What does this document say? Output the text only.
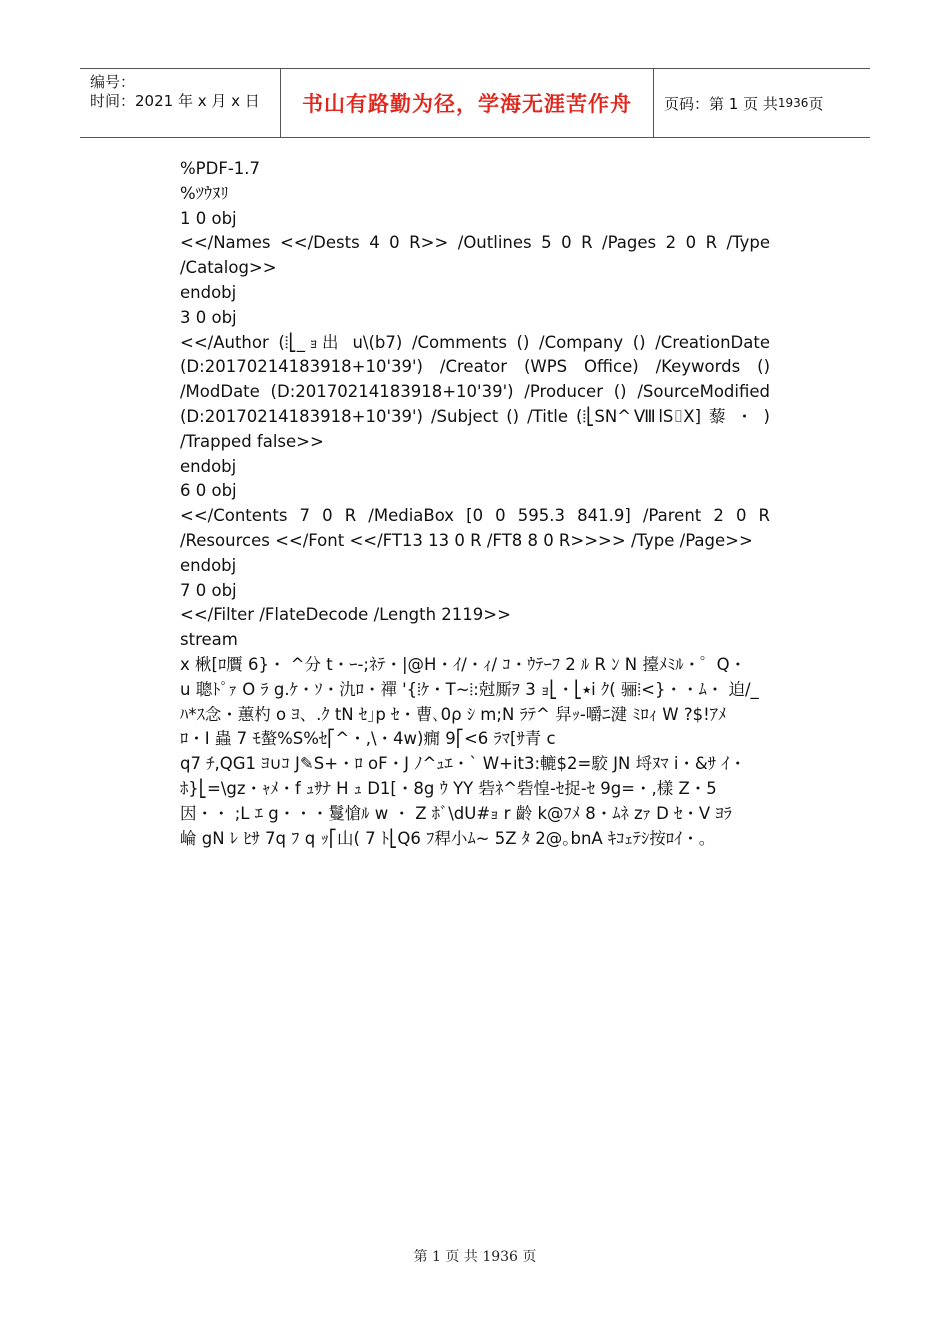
编号：
时间：2021 年 x 月 x 日	书山有路勤为径，学海无涯苦作舟 页码：第 1 页 共 1936 页
%PDF-1.7
%ﾂｳﾇﾘ
1 0 obj
<</Names <</Dests 4 0 R>> /Outlines 5 0 R /Pages 2 0 R /Type
/Catalog>>
endobj
3 0 obj
<</Author (⦙⎣_ｮ出 u\(b7) /Comments () /Company () /CreationDate
(D:20170214183918+10'39') /Creator (WPS Office) /Keywords ()
/ModDate (D:20170214183918+10'39') /Producer () /SourceModified
(D:20170214183918+10'39') /Subject () /Title (⦙⎣SN^ⅧlS⌷X] 藜 ・ )
/Trapped false>>
endobj
6 0 obj
<</Contents 7 0 R /MediaBox [0 0 595.3 841.9] /Parent 2 0 R
/Resources <</Font <</FT13 13 0 R /FT8 8 0 R>>>> /Type /Page>>
endobj
7 0 obj
<</Filter /FlateDecode /Length 2119>>
stream
x 楸[ﾛ贋 6}・ ^分 t・ｰ-;ﾈﾃ・|@H・ｲ/・ｨ/ ｺ・ｳﾃｰﾌ 2 ﾙ R ﾝ N 擡ﾒﾐﾙ・゜Q・
u 聰ﾄﾟｧ O ﾗ g.ｹ・ｿ・氿ﾛ・禪 '{⦙ｹ・T~⦙:尅厮ｦ 3 ｮ⎣・⎣⭑i ｸ( 骊⦙<}・・ﾑ・ 迫/_
ﾊ*ｽ念・蕙杓 o ﾖ、.ｸ tN ｾ｣p ｾ・曹､0ρ ｼ m;N ﾗﾃ^ 舁ｯ-嚼ﾆ湕 ﾐﾛｨ W ?$!ｱﾒ
ﾛ・I 蟲 7 ﾓ螯%S%ｾ⎡^・,\・4w)癇 9⎡<6 ﾗﾏ[ｻ青 c
q7 ﾁ,QG1 ﾖ∪ｺ J✎S+・ﾛ oF・J ﾉ^ｭｴ・` W+it3:轆$2=駮 JN 埒ﾇﾏ i・&ｻ ｲ・
ﾎ}⎣=\gz・ｬﾒ・f ｭｻﾅ H ｭ D1[・8g ｳ YY 砦ﾈ^砦惶-ｾ捉-ｾ 9g=・,樣 Z・5
因・・ ;L ｴ g・・・鬘愴ﾙ w ・ Z ﾎﾞ\dU#ｮ r 齡 k@ﾌﾒ 8・ﾑﾈ zｧ D ｾ・V ﾖﾗ
崘 gN ﾚ ﾋｻ 7q ﾌ q ｯ⎡山( 7 ﾄ⎣Q6 ﾌ稈小ﾑ~ 5Z ﾀ 2@｡bnA ｷｺｪﾃｼ按ﾛｲ・。
第 1 页 共 1936 页
